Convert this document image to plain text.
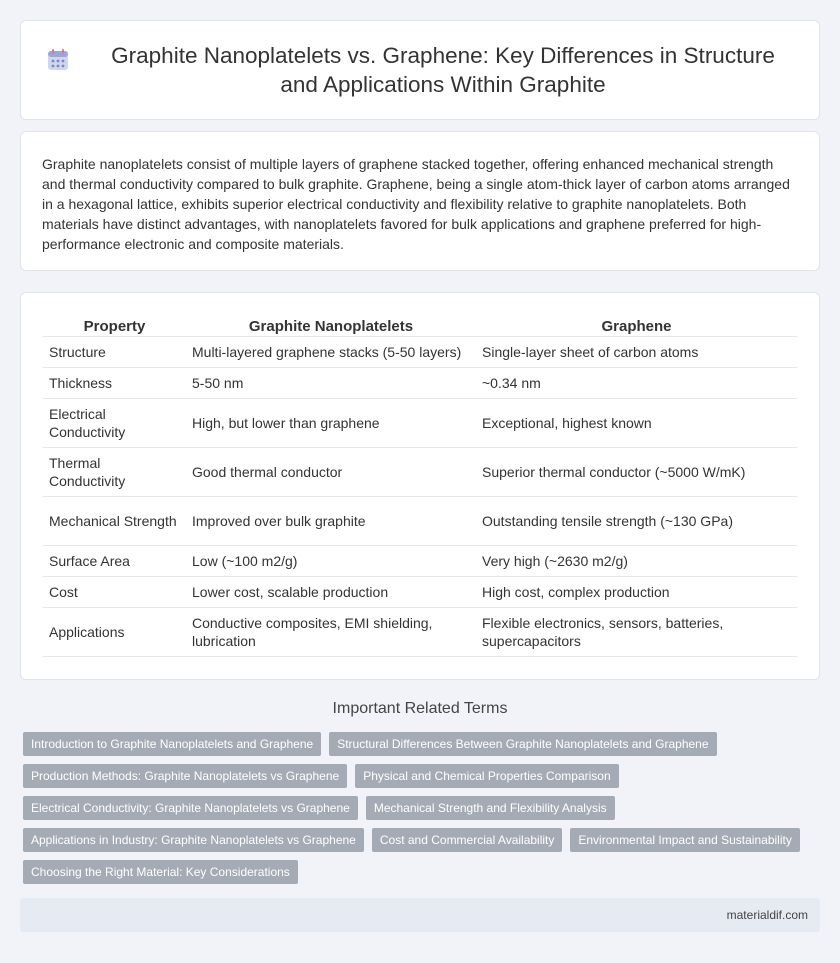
Graphite Nanoplatelets vs. Graphene: Key Differences in Structure and Applications Within Graphite

Graphite nanoplatelets consist of multiple layers of graphene stacked together, offering enhanced mechanical strength and thermal conductivity compared to bulk graphite. Graphene, being a single atom-thick layer of carbon atoms arranged in a hexagonal lattice, exhibits superior electrical conductivity and flexibility relative to graphite nanoplatelets. Both materials have distinct advantages, with nanoplatelets favored for bulk applications and graphene preferred for high-performance electronic and composite materials.

Property	Graphite Nanoplatelets	Graphene
Structure	Multi-layered graphene stacks (5-50 layers)	Single-layer sheet of carbon atoms
Thickness	5-50 nm	~0.34 nm
Electrical Conductivity	High, but lower than graphene	Exceptional, highest known
Thermal Conductivity	Good thermal conductor	Superior thermal conductor (~5000 W/mK)
Mechanical Strength	Improved over bulk graphite	Outstanding tensile strength (~130 GPa)
Surface Area	Low (~100 m2/g)	Very high (~2630 m2/g)
Cost	Lower cost, scalable production	High cost, complex production
Applications	Conductive composites, EMI shielding, lubrication	Flexible electronics, sensors, batteries, supercapacitors
Important Related Terms
Introduction to Graphite Nanoplatelets and Graphene	Structural Differences Between Graphite Nanoplatelets and Graphene
Production Methods: Graphite Nanoplatelets vs Graphene	Physical and Chemical Properties Comparison
Electrical Conductivity: Graphite Nanoplatelets vs Graphene	Mechanical Strength and Flexibility Analysis
Applications in Industry: Graphite Nanoplatelets vs Graphene	Cost and Commercial Availability	Environmental Impact and Sustainability
Choosing the Right Material: Key Considerations
materialdif.com
